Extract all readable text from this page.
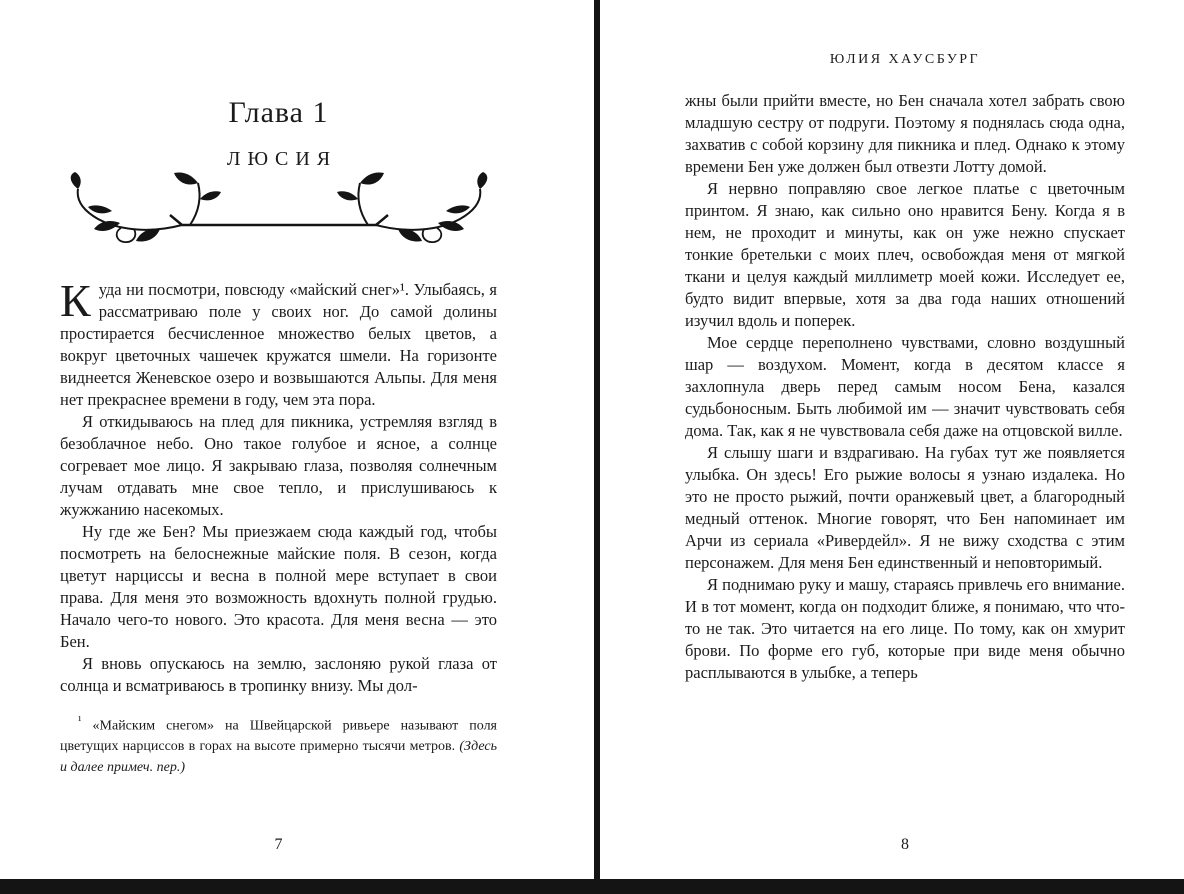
Глава 1
ЛЮСИЯ

Куда ни посмотри, повсюду «майский снег»¹. Улыбаясь, я рассматриваю поле у своих ног. До самой долины простирается бесчисленное множество белых цветов, а вокруг цветочных чашечек кружатся шмели. На горизонте виднеется Женевское озеро и возвышаются Альпы. Для меня нет прекраснее времени в году, чем эта пора.

Я откидываюсь на плед для пикника, устремляя взгляд в безоблачное небо. Оно такое голубое и ясное, а солнце согревает мое лицо. Я закрываю глаза, позволяя солнечным лучам отдавать мне свое тепло, и прислушиваюсь к жужжанию насекомых.

Ну где же Бен? Мы приезжаем сюда каждый год, чтобы посмотреть на белоснежные майские поля. В сезон, когда цветут нарциссы и весна в полной мере вступает в свои права. Для меня это возможность вдохнуть полной грудью. Начало чего-то нового. Это красота. Для меня весна — это Бен.

Я вновь опускаюсь на землю, заслоняю рукой глаза от солнца и всматриваюсь в тропинку внизу. Мы дол-

$^{^1}$ «Майским снегом» на Швейцарской ривьере называют поля цветущих нарциссов в горах на высоте примерно тысячи метров. (Здесь и далее примеч. пер.)
7
ЮЛИЯ ХАУСБУРГ

жны были прийти вместе, но Бен сначала хотел забрать свою младшую сестру от подруги. Поэтому я поднялась сюда одна, захватив с собой корзину для пикника и плед. Однако к этому времени Бен уже должен был отвезти Лотту домой.

Я нервно поправляю свое легкое платье с цветочным принтом. Я знаю, как сильно оно нравится Бену. Когда я в нем, не проходит и минуты, как он уже нежно спускает тонкие бретельки с моих плеч, освобождая меня от мягкой ткани и целуя каждый миллиметр моей кожи. Исследует ее, будто видит впервые, хотя за два года наших отношений изучил вдоль и поперек.

Мое сердце переполнено чувствами, словно воздушный шар — воздухом. Момент, когда в десятом классе я захлопнула дверь перед самым носом Бена, казался судьбоносным. Быть любимой им — значит чувствовать себя дома. Так, как я не чувствовала себя даже на отцовской вилле.

Я слышу шаги и вздрагиваю. На губах тут же появляется улыбка. Он здесь! Его рыжие волосы я узнаю издалека. Но это не просто рыжий, почти оранжевый цвет, а благородный медный оттенок. Многие говорят, что Бен напоминает им Арчи из сериала «Ривердейл». Я не вижу сходства с этим персонажем. Для меня Бен единственный и неповторимый.

Я поднимаю руку и машу, стараясь привлечь его внимание. И в тот момент, когда он подходит ближе, я понимаю, что что-то не так. Это читается на его лице. По тому, как он хмурит брови. По форме его губ, которые при виде меня обычно расплываются в улыбке, а теперь

8
